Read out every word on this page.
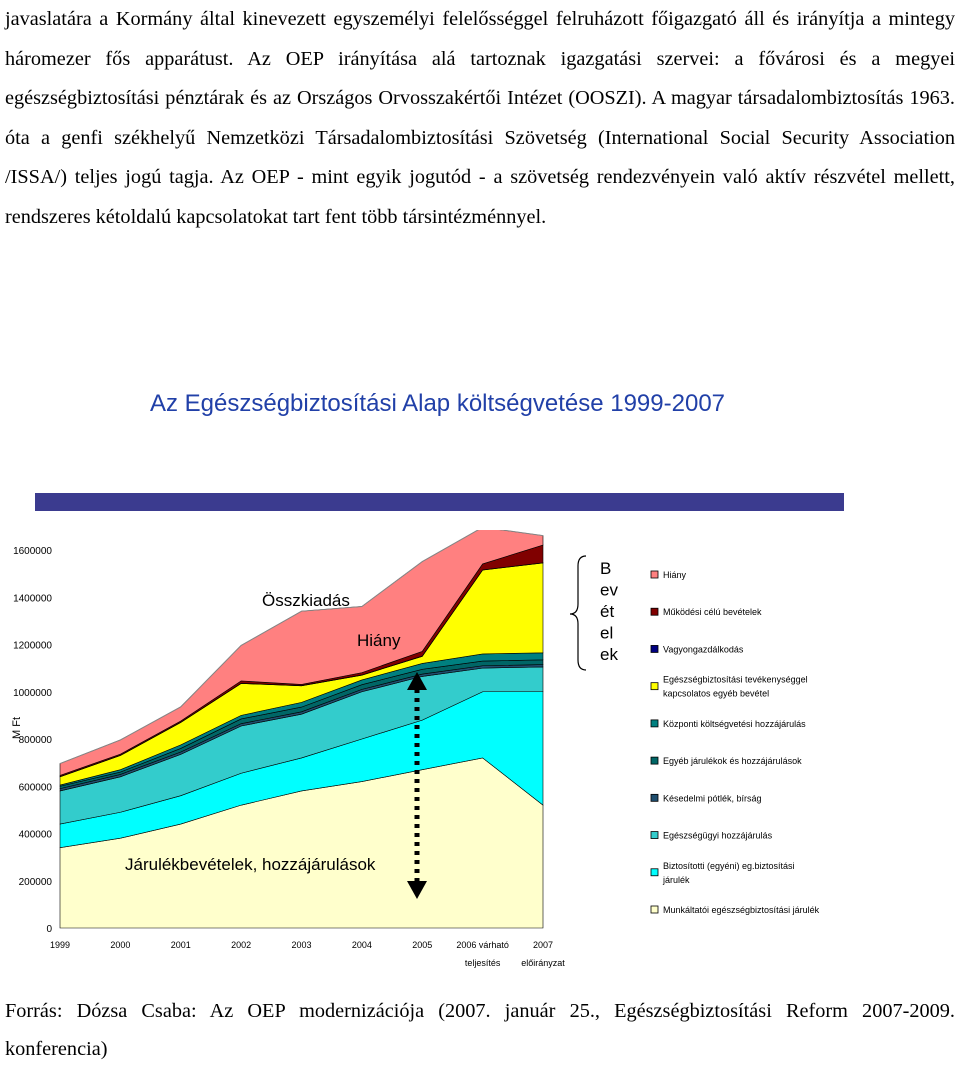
javaslatára a Kormány által kinevezett egyszemélyi felelősséggel felruházott főigazgató áll és irányítja a mintegy háromezer fős apparátust. Az OEP irányítása alá tartoznak igazgatási szervei: a fővárosi és a megyei egészségbiztosítási pénztárak és az Országos Orvosszakértői Intézet (OOSZI). A magyar társadalombiztosítás 1963. óta a genfi székhelyű Nemzetközi Társadalombiztosítási Szövetség (International Social Security Association /ISSA/) teljes jogú tagja. Az OEP - mint egyik jogutód - a szövetség rendezvényein való aktív részvétel mellett, rendszeres kétoldalú kapcsolatokat tart fent több társintézménnyel.
Az Egészségbiztosítási Alap költségvetése 1999-2007
0
200000
400000
600000
800000
1000000
1200000
1400000
1600000
1999	2000	2001	2002	2003	2004	2005	2006 várható
teljesítés
2007
előirányzat
M Ft
Összkiadás
Hiány
Járulékbevételek, hozzájárulások
B
ev
ét
el
ek
Hiány
Működési célú bevételek
Vagyongazdálkodás
Egészségbiztosítási tevékenységgel
kapcsolatos egyéb bevétel
Központi költségvetési hozzájárulás
Egyéb járulékok és hozzájárulások
Késedelmi pótlék, bírság
Egészségügyi hozzájárulás
Biztosítotti (egyéni) eg.biztosítási
járulék
Munkáltatói egészségbiztosítási járulék
Forrás: Dózsa Csaba: Az OEP modernizációja (2007. január 25., Egészségbiztosítási Reform 2007-2009. konferencia)
